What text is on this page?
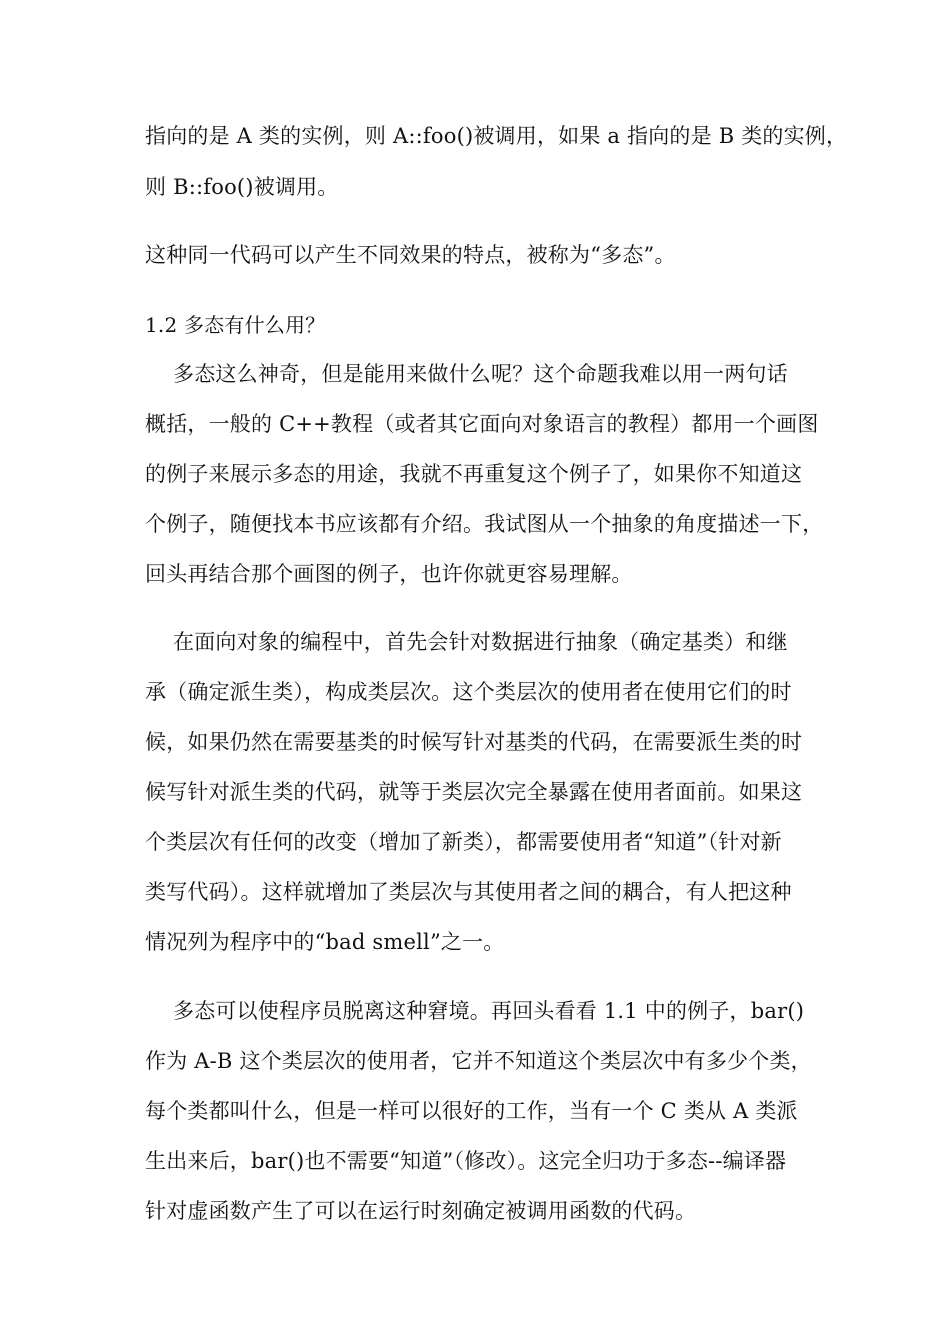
指向的是 A 类的实例，则 A::foo()被调用，如果 a 指向的是 B 类的实例，
则 B::foo()被调用。
这种同一代码可以产生不同效果的特点，被称为“多态”。
1.2 多态有什么用？
多态这么神奇，但是能用来做什么呢？这个命题我难以用一两句话
概括，一般的 C++教程（或者其它面向对象语言的教程）都用一个画图
的例子来展示多态的用途，我就不再重复这个例子了，如果你不知道这
个例子，随便找本书应该都有介绍。我试图从一个抽象的角度描述一下，
回头再结合那个画图的例子，也许你就更容易理解。
在面向对象的编程中，首先会针对数据进行抽象（确定基类）和继
承（确定派生类），构成类层次。这个类层次的使用者在使用它们的时
候，如果仍然在需要基类的时候写针对基类的代码，在需要派生类的时
候写针对派生类的代码，就等于类层次完全暴露在使用者面前。如果这
个类层次有任何的改变（增加了新类），都需要使用者“知道”（针对新
类写代码）。这样就增加了类层次与其使用者之间的耦合，有人把这种
情况列为程序中的“bad smell”之一。
多态可以使程序员脱离这种窘境。再回头看看 1.1 中的例子，bar()
作为 A-B 这个类层次的使用者，它并不知道这个类层次中有多少个类，
每个类都叫什么，但是一样可以很好的工作，当有一个 C 类从 A 类派
生出来后，bar()也不需要“知道”（修改）。这完全归功于多态--编译器
针对虚函数产生了可以在运行时刻确定被调用函数的代码。
